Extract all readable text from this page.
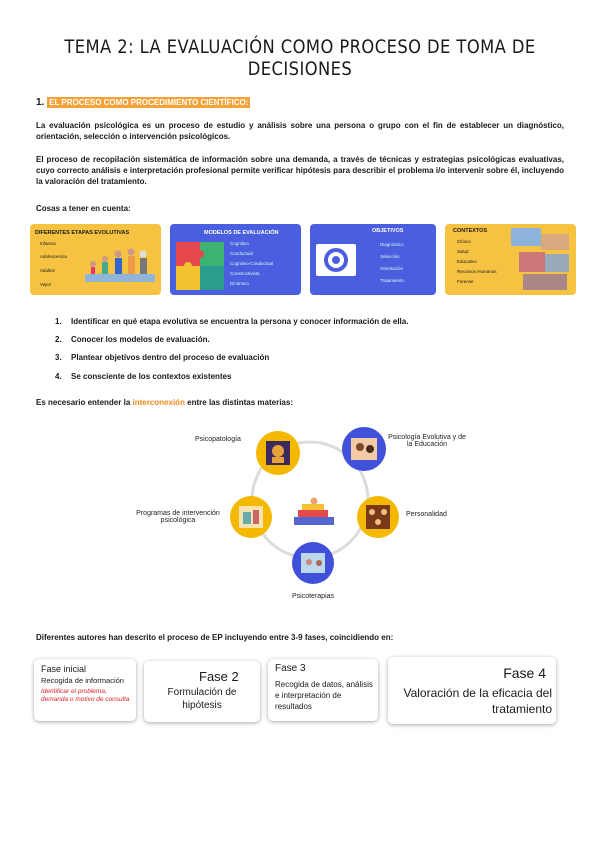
TEMA 2: LA EVALUACIÓN COMO PROCESO DE TOMA DE DECISIONES
1. EL PROCESO COMO PROCEDIMIENTO CIENTÍFICO:
La evaluación psicológica es un proceso de estudio y análisis sobre una persona o grupo con el fin de establecer un diagnóstico, orientación, selección o intervención psicológicos.
El proceso de recopilación sistemática de información sobre una demanda, a través de técnicas y estrategias psicológicas evaluativas, cuyo correcto análisis e interpretación profesional permite verificar hipótesis para describir el problema i/o intervenir sobre él, incluyendo la valoración del tratamiento.
Cosas a tener en cuenta:
DIFERENTES ETAPAS EVOLUTIVAS
Infancia
Adolescencia
Adultez
Vejez
MODELOS DE EVALUACIÓN
Cognitivo
Conductual
Cognitivo-Conductual
Constructivista
Dinámico
OBJETIVOS
Diagnóstico
Selección
Orientación
Tratamiento
CONTEXTOS
Clínico
Salud
Educativo
Recursos Humanos
Forense
1. Identificar en qué etapa evolutiva se encuentra la persona y conocer información de ella.
2. Conocer los modelos de evaluación.
3. Plantear objetivos dentro del proceso de evaluación
4. Se consciente de los contextos existentes
Es necesario entender la interconexión entre las distintas materias:
Psicopatología	Psicología Evolutiva y de la Educación
Personalidad
Psicoterapias
Programas de intervención psicológica
Diferentes autores han descrito el proceso de EP incluyendo entre 3-9 fases, coincidiendo en:
Fase inicial
Recogida de información
Identificar el problema, demanda o motivo de consulta
Fase 2
Formulación de hipótesis
Fase 3
Recogida de datos, análisis e interpretación de resultados
Fase 4
Valoración de la eficacia del tratamiento
